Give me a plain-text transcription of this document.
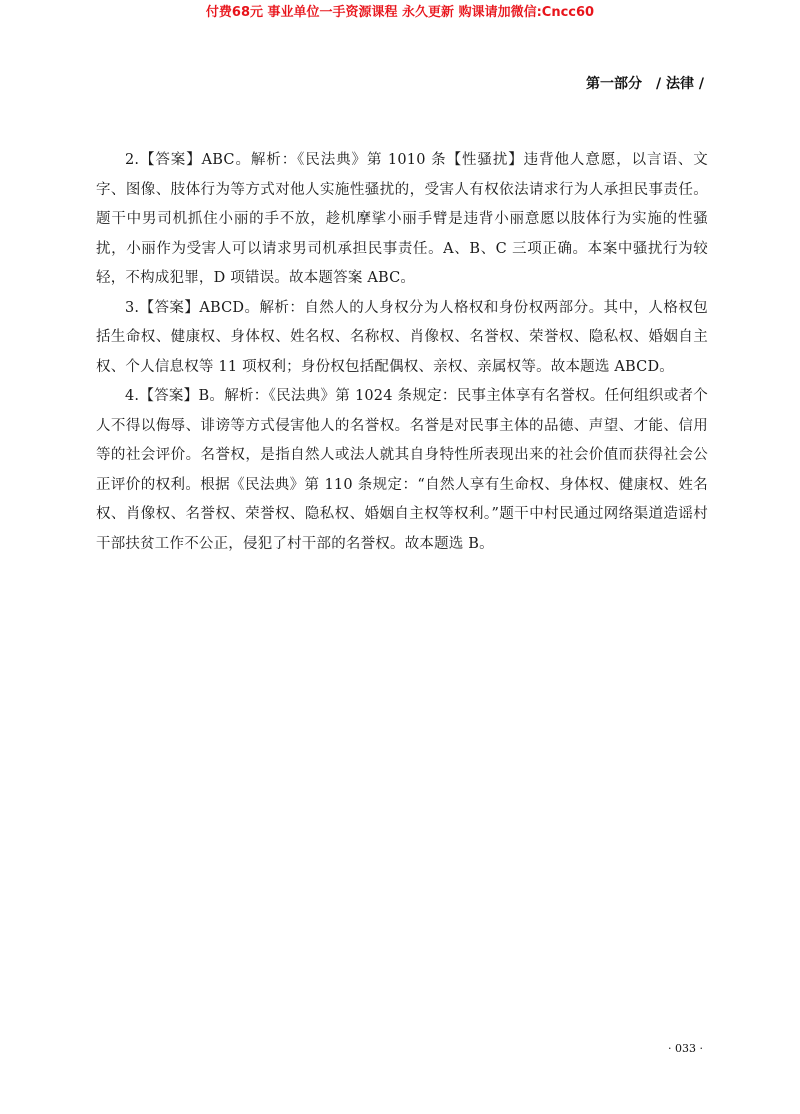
付费68元 事业单位一手资源课程 永久更新 购课请加微信:Cncc60
第一部分 / 法律 /

2.【答案】ABC。解析：《民法典》第 1010 条【性骚扰】违背他人意愿，以言语、文字、图像、肢体行为等方式对他人实施性骚扰的，受害人有权依法请求行为人承担民事责任。题干中男司机抓住小丽的手不放，趁机摩挲小丽手臂是违背小丽意愿以肢体行为实施的性骚扰，小丽作为受害人可以请求男司机承担民事责任。A、B、C 三项正确。本案中骚扰行为较轻，不构成犯罪，D 项错误。故本题答案 ABC。

3.【答案】ABCD。解析：自然人的人身权分为人格权和身份权两部分。其中，人格权包括生命权、健康权、身体权、姓名权、名称权、肖像权、名誉权、荣誉权、隐私权、婚姻自主权、个人信息权等 11 项权利；身份权包括配偶权、亲权、亲属权等。故本题选 ABCD。

4.【答案】B。解析：《民法典》第 1024 条规定：民事主体享有名誉权。任何组织或者个人不得以侮辱、诽谤等方式侵害他人的名誉权。名誉是对民事主体的品德、声望、才能、信用等的社会评价。名誉权，是指自然人或法人就其自身特性所表现出来的社会价值而获得社会公正评价的权利。根据《民法典》第 110 条规定：“自然人享有生命权、身体权、健康权、姓名权、肖像权、名誉权、荣誉权、隐私权、婚姻自主权等权利。”题干中村民通过网络渠道造谣村干部扶贫工作不公正，侵犯了村干部的名誉权。故本题选 B。

· 033 ·
